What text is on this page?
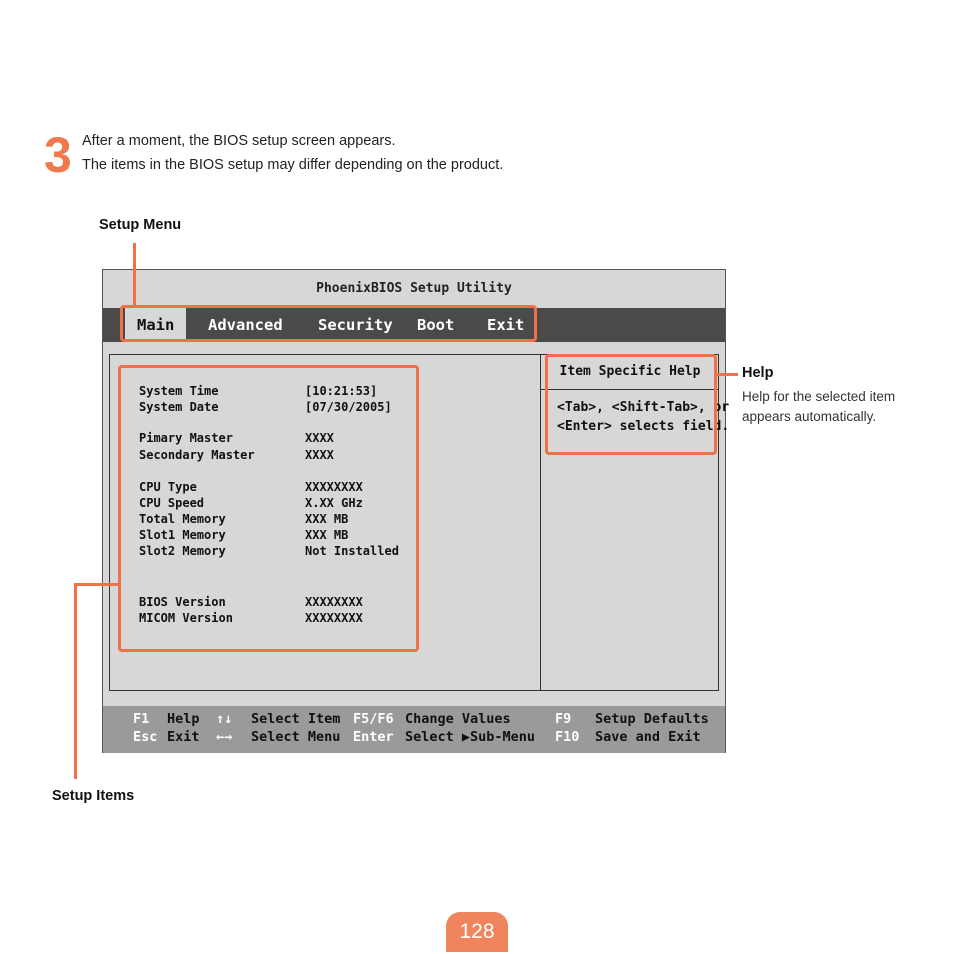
3 After a moment, the BIOS setup screen appears.
The items in the BIOS setup may differ depending on the product.
Setup Menu
Setup Items
Help
Help for the selected item
appears automatically.
PhoenixBIOS Setup Utility
Main	Advanced Security Boot Exit
System Time	[10:21:53]
System Date	[07/30/2005]
Pimary Master	XXXX
Secondary Master	XXXX
CPU Type	XXXXXXXX
CPU Speed	X.XX GHz
Total Memory	XXX MB
Slot1 Memory	XXX MB
Slot2 Memory	Not Installed
BIOS Version	XXXXXXXX
MICOM Version	XXXXXXXX
Item Specific Help
<Tab>, <Shift-Tab>, or
<Enter> selects field.
F1 Help
Esc Exit
↑↓ Select Item
←→ Select Menu
F5/F6 Change Values
Enter Select ▶Sub-Menu
F9 Setup Defaults
F10 Save and Exit
128
